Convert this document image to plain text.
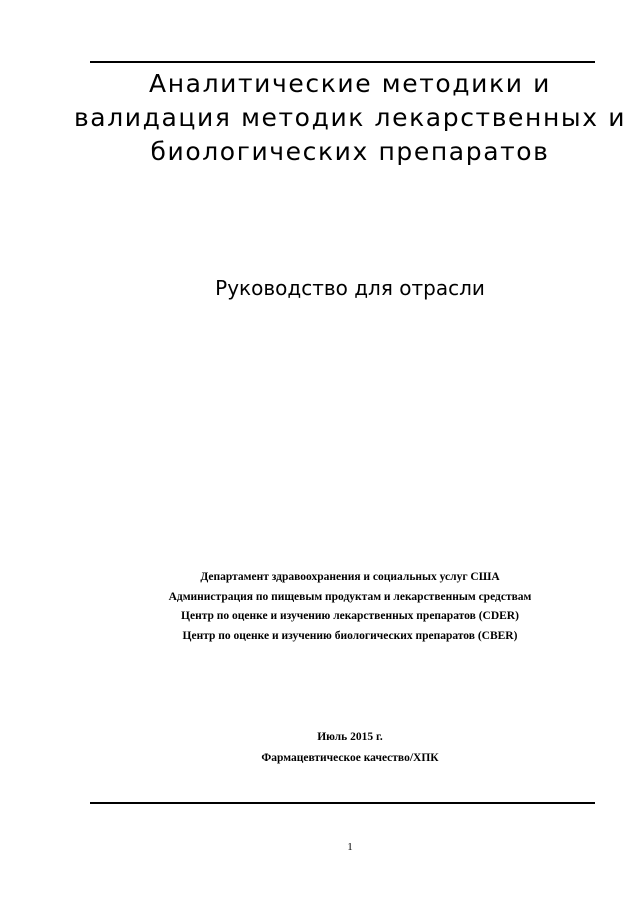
Аналитические методики и
валидация методик лекарственных и
биологических препаратов
Руководство для отрасли
Департамент здравоохранения и социальных услуг США
Администрация по пищевым продуктам и лекарственным средствам
Центр по оценке и изучению лекарственных препаратов (CDER)
Центр по оценке и изучению биологических препаратов (CBER)
Июль 2015 г.
Фармацевтическое качество/ХПК
1
